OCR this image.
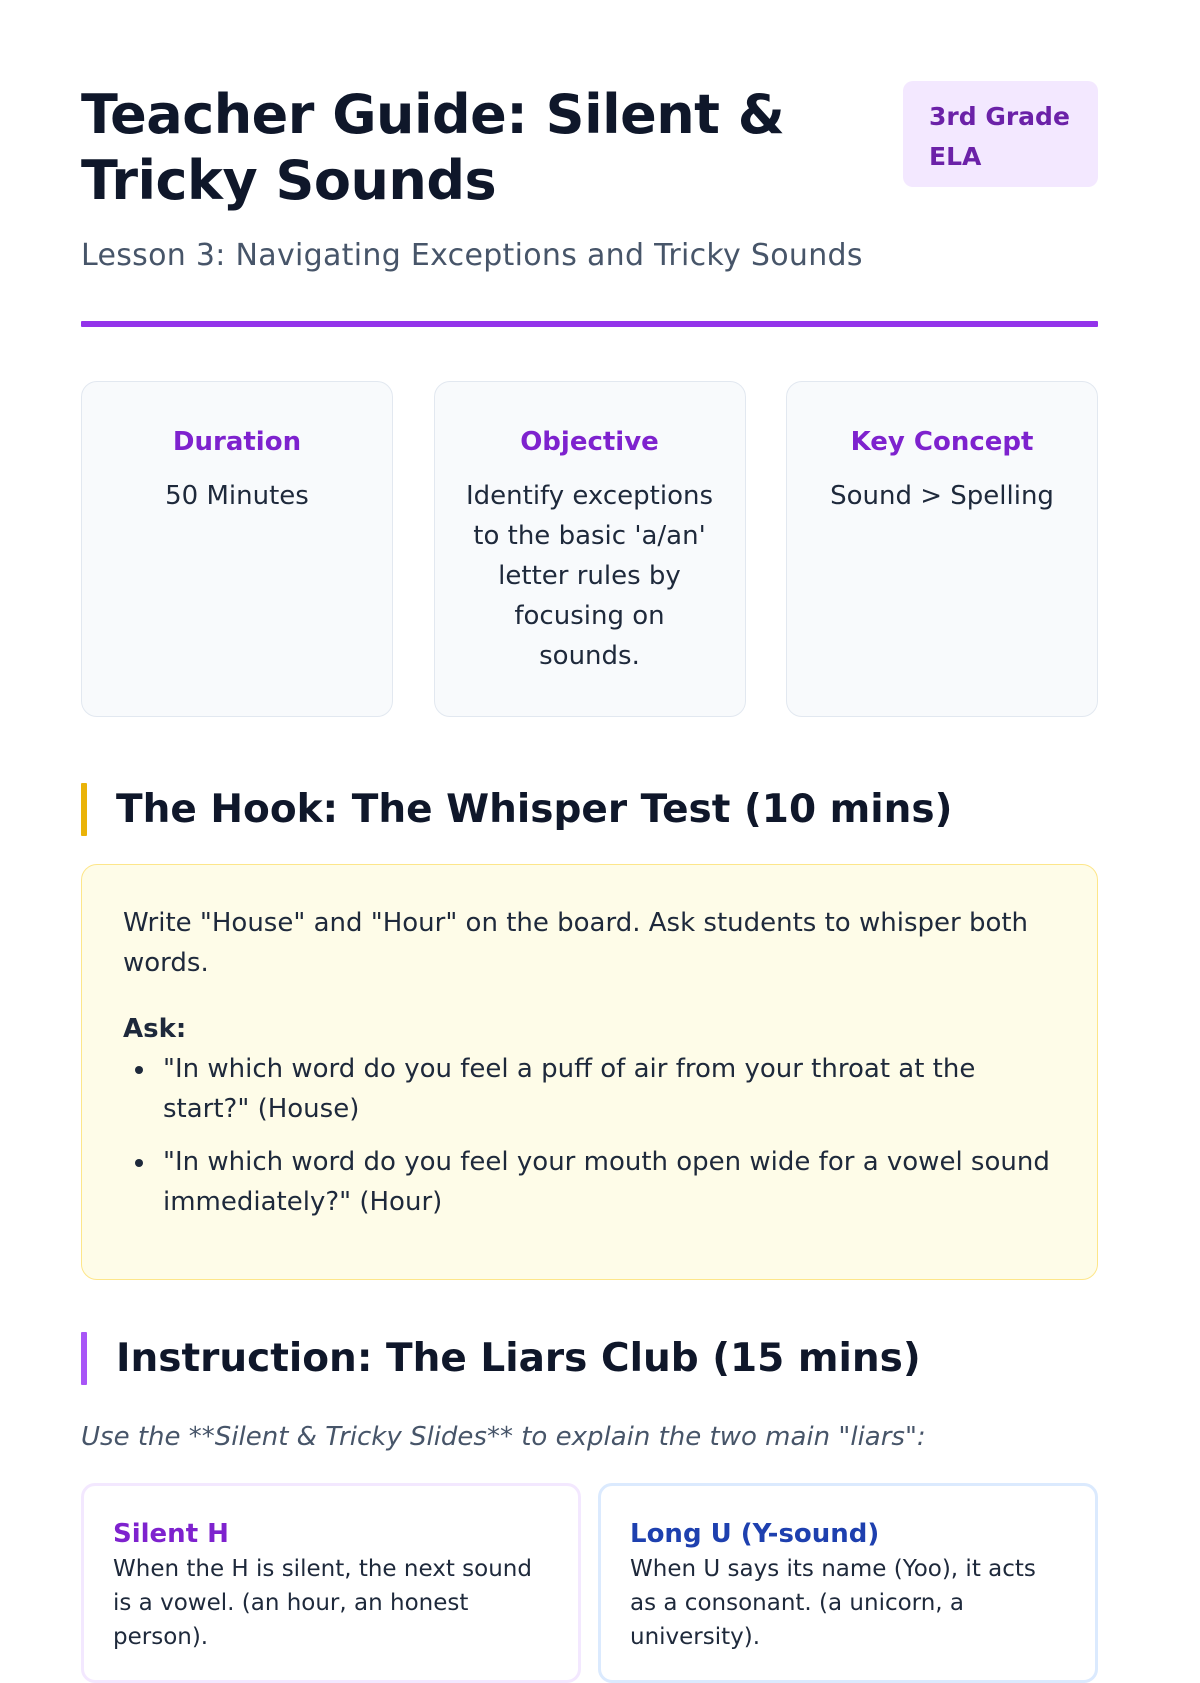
Teacher Guide: Silent & Tricky Sounds
3rd Grade ELA
Lesson 3: Navigating Exceptions and Tricky Sounds
Duration
50 Minutes
Objective
Identify exceptions to the basic 'a/an' letter rules by focusing on sounds.
Key Concept
Sound > Spelling
The Hook: The Whisper Test (10 mins)

Write "House" and "Hour" on the board. Ask students to whisper both words.

Ask:
"In which word do you feel a puff of air from your throat at the start?" (House)
"In which word do you feel your mouth open wide for a vowel sound immediately?" (Hour)
Instruction: The Liars Club (15 mins)

Use the **Silent & Tricky Slides** to explain the two main "liars":

Silent H
When the H is silent, the next sound is a vowel. (an hour, an honest person).
Long U (Y-sound)
When U says its name (Yoo), it acts as a consonant. (a unicorn, a university).
